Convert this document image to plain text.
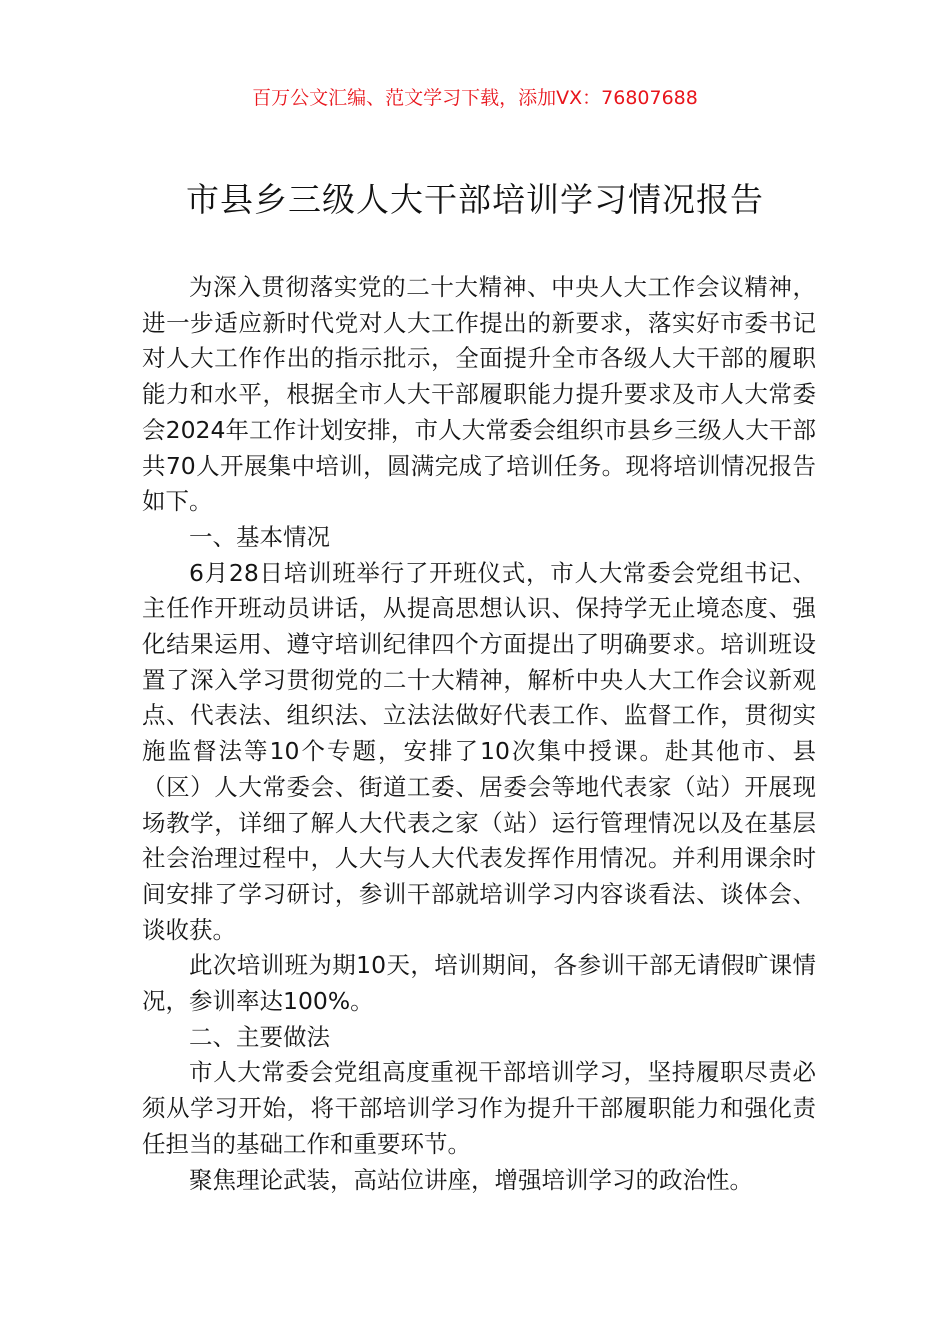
百万公文汇编、范文学习下载，添加VX：76807688
市县乡三级人大干部培训学习情况报告

为深入贯彻落实党的二十大精神、中央人大工作会议精神，进一步适应新时代党对人大工作提出的新要求，落实好市委书记对人大工作作出的指示批示，全面提升全市各级人大干部的履职能力和水平，根据全市人大干部履职能力提升要求及市人大常委会2024年工作计划安排，市人大常委会组织市县乡三级人大干部共70人开展集中培训，圆满完成了培训任务。现将培训情况报告如下。

一、基本情况

6月28日培训班举行了开班仪式，市人大常委会党组书记、主任作开班动员讲话，从提高思想认识、保持学无止境态度、强化结果运用、遵守培训纪律四个方面提出了明确要求。培训班设置了深入学习贯彻党的二十大精神，解析中央人大工作会议新观点、代表法、组织法、立法法做好代表工作、监督工作，贯彻实施监督法等10个专题，安排了10次集中授课。赴其他市、县（区）人大常委会、街道工委、居委会等地代表家（站）开展现场教学，详细了解人大代表之家（站）运行管理情况以及在基层社会治理过程中，人大与人大代表发挥作用情况。并利用课余时间安排了学习研讨，参训干部就培训学习内容谈看法、谈体会、谈收获。

此次培训班为期10天，培训期间，各参训干部无请假旷课情况，参训率达100%。

二、主要做法

市人大常委会党组高度重视干部培训学习，坚持履职尽责必须从学习开始，将干部培训学习作为提升干部履职能力和强化责任担当的基础工作和重要环节。

聚焦理论武装，高站位讲座，增强培训学习的政治性。
